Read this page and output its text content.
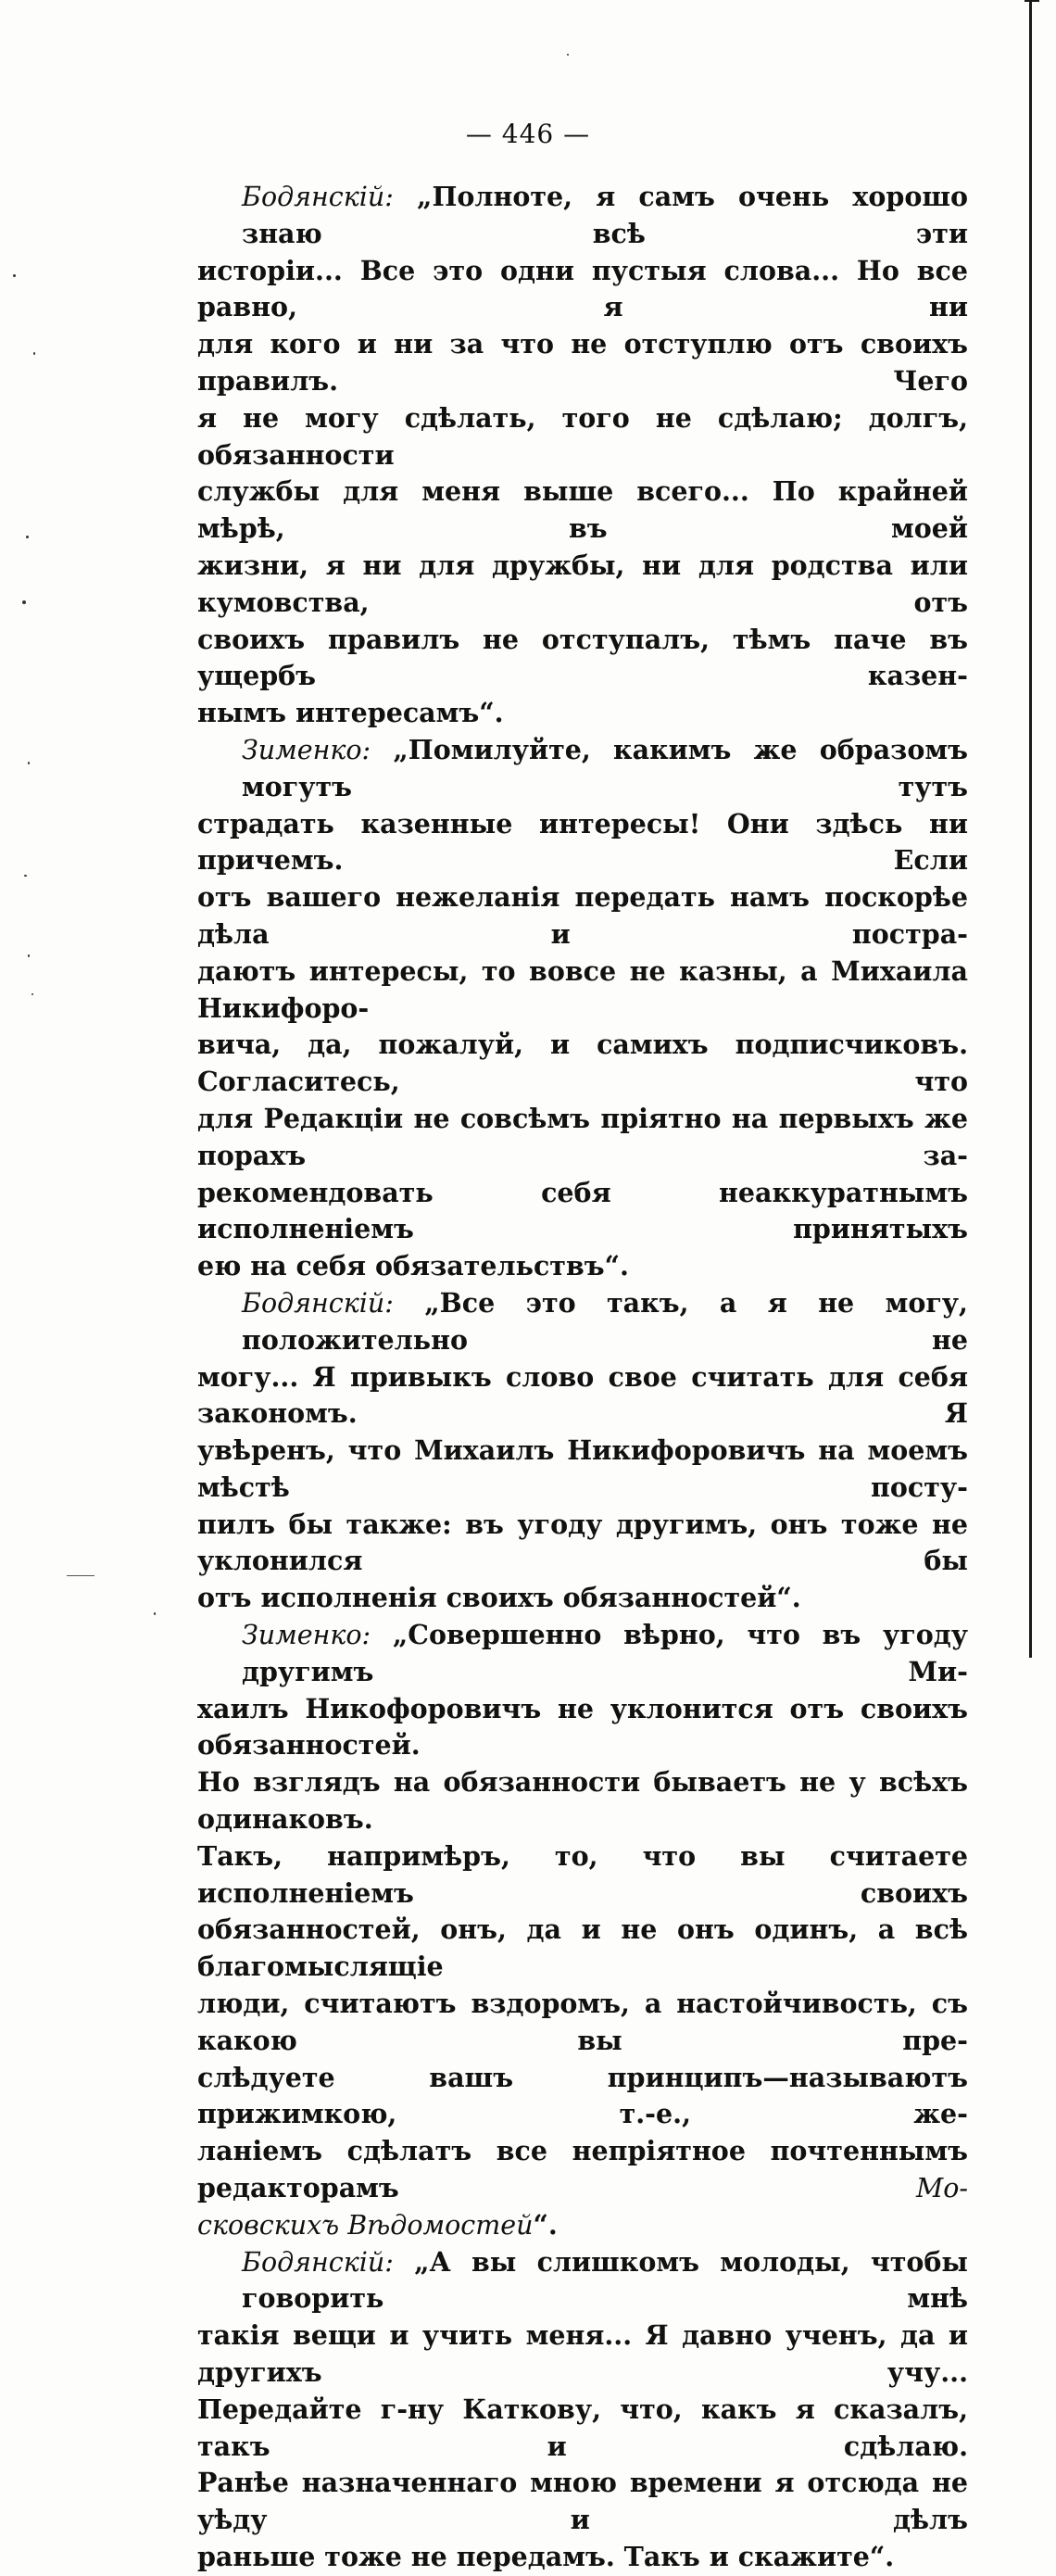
— 446 —
Бодянскій: „Полноте, я самъ очень хорошо знаю всѣ эти
исторіи... Все это одни пустыя слова... Но все равно, я ни
для кого и ни за что не отступлю отъ своихъ правилъ. Чего
я не могу сдѣлать, того не сдѣлаю; долгъ, обязанности
службы для меня выше всего... По крайней мѣрѣ, въ моей
жизни, я ни для дружбы, ни для родства или кумовства, отъ
своихъ правилъ не отступалъ, тѣмъ паче въ ущербъ казен-
нымъ интересамъ“.
Зименко: „Помилуйте, какимъ же образомъ могутъ тутъ
страдать казенные интересы! Они здѣсь ни причемъ. Если
отъ вашего нежеланія передать намъ поскорѣе дѣла и пострa-
даютъ интересы, то вовсе не казны, а Михаила Никифоро-
вича, да, пожалуй, и самихъ подписчиковъ. Согласитесь, что
для Редакціи не совсѣмъ пріятно на первыхъ же порахъ за-
рекомендовать себя неаккуратнымъ исполненіемъ принятыхъ
ею на себя обязательствъ“.
Бодянскій: „Все это такъ, а я не могу, положительно не
могу... Я привыкъ слово свое считать для себя закономъ. Я
увѣренъ, что Михаилъ Никифоровичъ на моемъ мѣстѣ посту-
пилъ бы также: въ угоду другимъ, онъ тоже не уклонился бы
отъ исполненія своихъ обязанностей“.
Зименко: „Совершенно вѣрно, что въ угоду другимъ Ми-
хаилъ Никофоровичъ не уклонится отъ своихъ обязанностей.
Но взглядъ на обязанности бываетъ не у всѣхъ одинаковъ.
Такъ, напримѣръ, то, что вы считаете исполненіемъ своихъ
обязанностей, онъ, да и не онъ одинъ, а всѣ благомыслящіе
люди, считаютъ вздоромъ, а настойчивость, съ какою вы пре-
слѣдуете вашъ принципъ—называютъ прижимкою, т.-е., же-
ланіемъ сдѣлатъ все непріятное почтеннымъ редакторамъ Мо-
сковскихъ Вѣдомостей“.
Бодянскій: „А вы слишкомъ молоды, чтобы говорить мнѣ
такія вещи и учить меня... Я давно ученъ, да и другихъ учу...
Передайте г-ну Каткову, что, какъ я сказалъ, такъ и сдѣлаю.
Ранѣе назначеннаго мною времени я отсюда не уѣду и дѣлъ
раньше тоже не передамъ. Такъ и скажите“.
